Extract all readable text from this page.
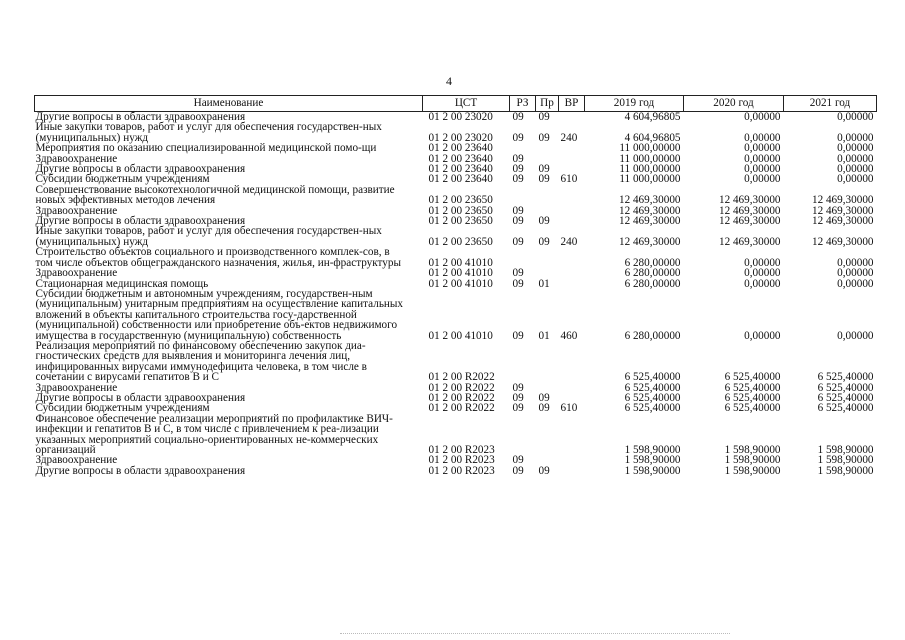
4
Наименование	ЦСТ	РЗ	Пр	ВР	2019 год	2020 год	2021 год
Другие вопросы в области здравоохранения	01 2 00 23020	09	09		4 604,96805	0,00000	0,00000
Иные закупки товаров, работ и услуг для обеспечения государствен-ных (муниципальных) нужд	01 2 00 23020	09	09	240	4 604,96805	0,00000	0,00000
Мероприятия по оказанию специализированной медицинской помо-щи	01 2 00 23640				11 000,00000	0,00000	0,00000
Здравоохранение	01 2 00 23640	09			11 000,00000	0,00000	0,00000
Другие вопросы в области здравоохранения	01 2 00 23640	09	09		11 000,00000	0,00000	0,00000
Субсидии бюджетным учреждениям	01 2 00 23640	09	09	610	11 000,00000	0,00000	0,00000
Совершенствование высокотехнологичной медицинской помощи, развитие новых эффективных методов лечения	01 2 00 23650				12 469,30000	12 469,30000	12 469,30000
Здравоохранение	01 2 00 23650	09			12 469,30000	12 469,30000	12 469,30000
Другие вопросы в области здравоохранения	01 2 00 23650	09	09		12 469,30000	12 469,30000	12 469,30000
Иные закупки товаров, работ и услуг для обеспечения государствен-ных (муниципальных) нужд	01 2 00 23650	09	09	240	12 469,30000	12 469,30000	12 469,30000
Строительство объектов социального и производственного комплек-сов, в том числе объектов общегражданского назначения, жилья, ин-фраструктуры	01 2 00 41010				6 280,00000	0,00000	0,00000
Здравоохранение	01 2 00 41010	09			6 280,00000	0,00000	0,00000
Стационарная медицинская помощь	01 2 00 41010	09	01		6 280,00000	0,00000	0,00000
Субсидии бюджетным и автономным учреждениям, государствен-ным (муниципальным) унитарным предприятиям на осуществление капитальных вложений в объекты капитального строительства госу-дарственной (муниципальной) собственности или приобретение объ-ектов недвижимого имущества в государственную (муниципальную) собственность	01 2 00 41010	09	01	460	6 280,00000	0,00000	0,00000
Реализация мероприятий по финансовому обеспечению закупок диа-гностических средств для выявления и мониторинга лечения лиц, инфицированных вирусами иммунодефицита человека, в том числе в сочетании с вирусами гепатитов В и С	01 2 00 R2022				6 525,40000	6 525,40000	6 525,40000
Здравоохранение	01 2 00 R2022	09			6 525,40000	6 525,40000	6 525,40000
Другие вопросы в области здравоохранения	01 2 00 R2022	09	09		6 525,40000	6 525,40000	6 525,40000
Субсидии бюджетным учреждениям	01 2 00 R2022	09	09	610	6 525,40000	6 525,40000	6 525,40000
Финансовое обеспечение реализации мероприятий по профилактике ВИЧ-инфекции и гепатитов В и С, в том числе с привлечением к реа-лизации указанных мероприятий социально-ориентированных не-коммерческих организаций	01 2 00 R2023				1 598,90000	1 598,90000	1 598,90000
Здравоохранение	01 2 00 R2023	09			1 598,90000	1 598,90000	1 598,90000
Другие вопросы в области здравоохранения	01 2 00 R2023	09	09		1 598,90000	1 598,90000	1 598,90000
